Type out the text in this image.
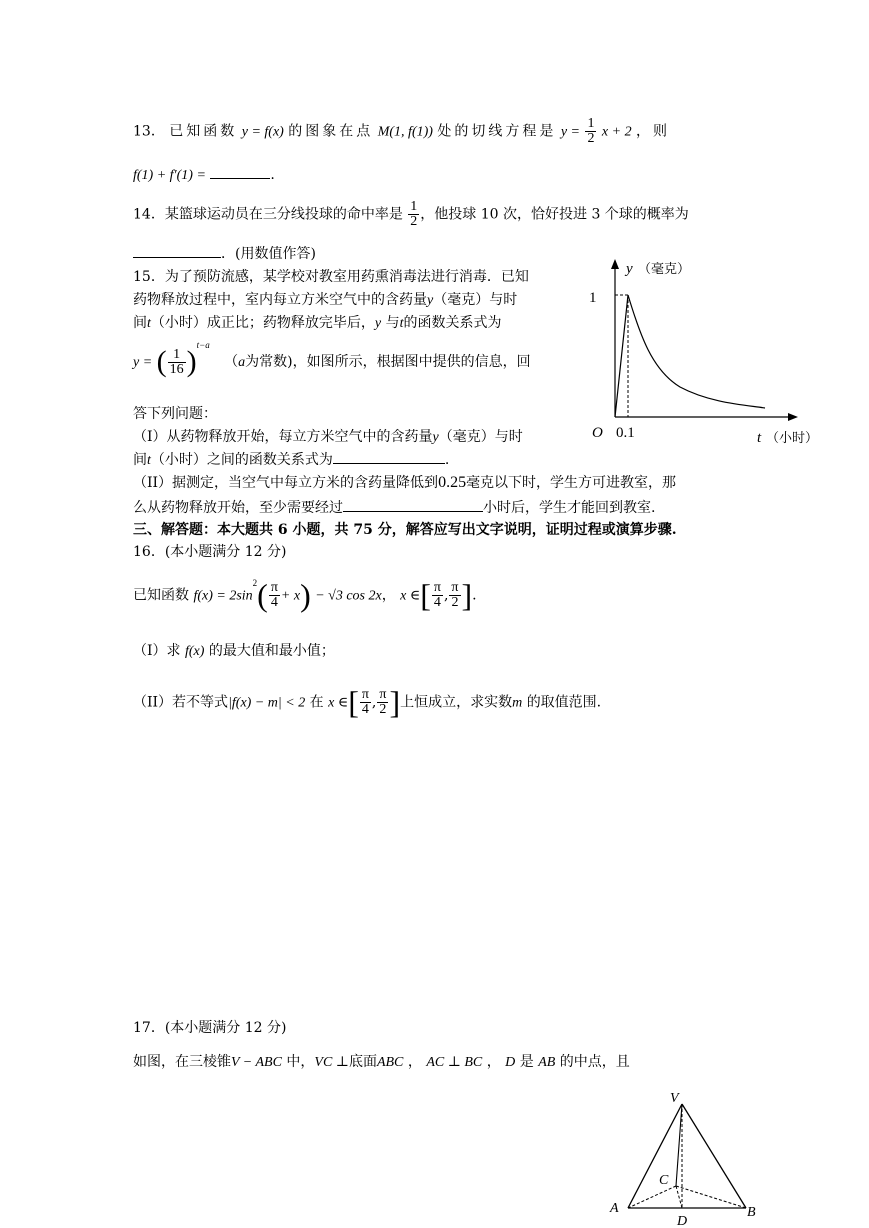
13． 已知函数 y = f(x) 的图象在点 M(1, f(1)) 处的切线方程是 $y = \frac{1}{2}$ x + 2 ，则
f(1) + f′(1) =	.
14．某篮球运动员在三分线投球的命中率是 $\frac{1}{2}$ ，他投球 10 次，恰好投进 3 个球的概率为
．(用数值作答)
15．为了预防流感，某学校对教室用药熏消毒法进行消毒．已知
药物释放过程中，室内每立方米空气中的含药量y（毫克）与时
间t（小时）成正比；药物释放完毕后，y 与t的函数关系式为
y = ( $\frac{1}{16} )^{t-a}$ （a为常数)，如图所示，根据图中提供的信息，回
答下列问题：
（I）从药物释放开始，每立方米空气中的含药量y（毫克）与时
间t（小时）之间的函数关系式为	.
（II）据测定，当空气中每立方米的含药量降低到0.25毫克以下时，学生方可进教室，那
么从药物释放开始，至少需要经过	小时后，学生才能回到教室.
y （毫克）
1
O 0.1	t （小时）
三、解答题：本大题共 6 小题，共 75 分，解答应写出文字说明，证明过程或演算步骤.
16．(本小题满分 12 分)
已知函数 $f(x) = 2\sin^2( \frac{\pi}{4} + x) - √3$ cos 2x， x ∈[ $\frac{\pi}{4}$ , $\frac{\pi}{2}$ ].
（I）求 f(x) 的最大值和最小值；
（II）若不等式|f(x) − m| < 2 在 x ∈[ $\frac{\pi}{4}$ , $\frac{\pi}{2}$ ]上恒成立，求实数m 的取值范围.
17．(本小题满分 12 分)
如图，在三棱锥V − ABC 中，VC ⊥底面ABC ， AC ⊥ BC ， D 是 AB 的中点，且
V
C
A	B
D
